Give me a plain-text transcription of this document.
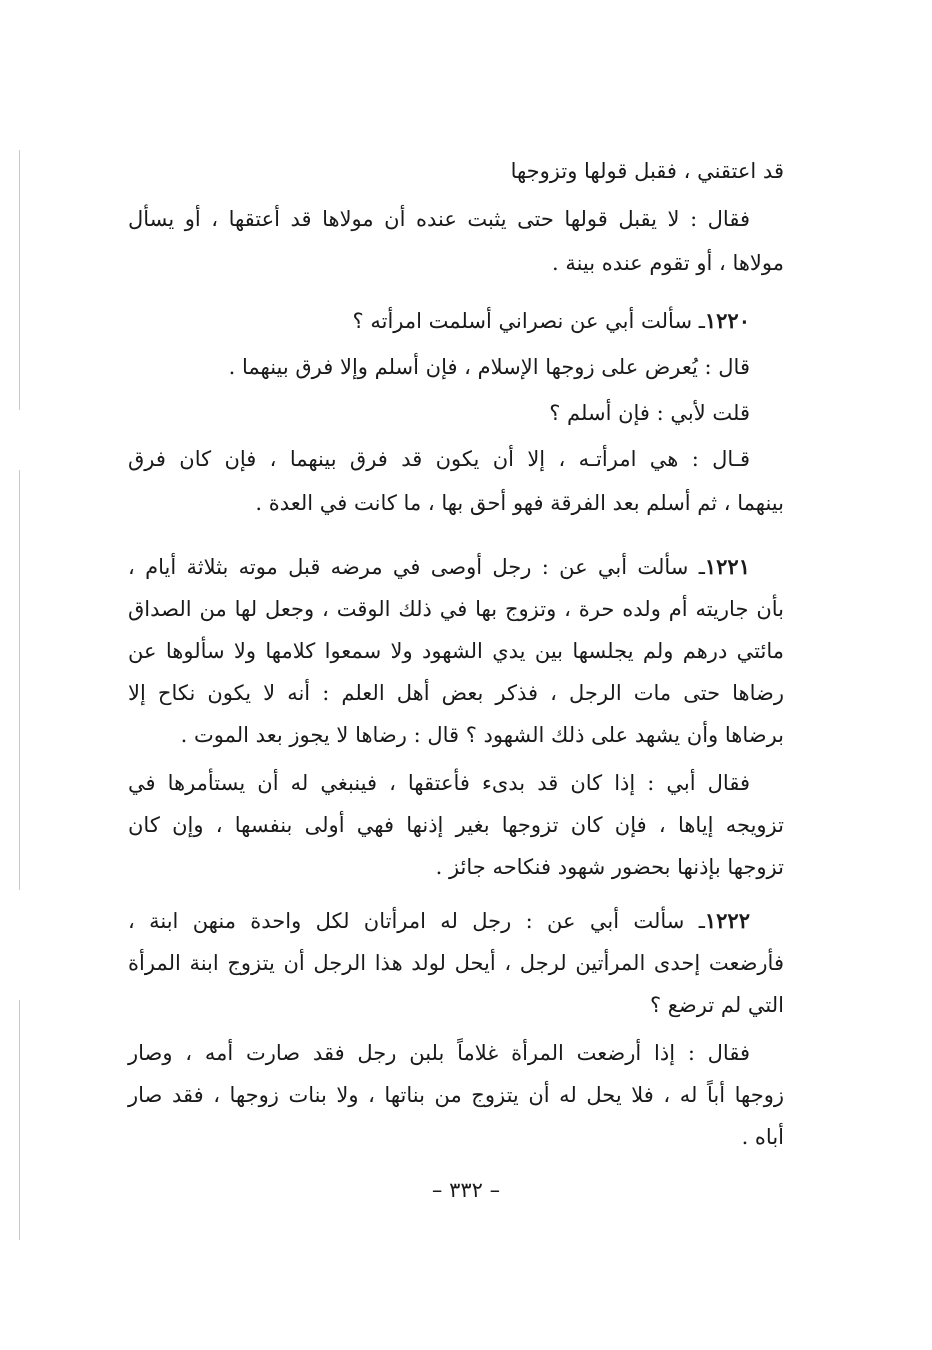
قد اعتقني ، فقبل قولها وتزوجها
فقال : لا يقبل قولها حتى يثبت عنده أن مولاها قد أعتقها ، أو يسأل
مولاها ، أو تقوم عنده بينة .
١٢٢٠ـ سألت أبي عن نصراني أسلمت امرأته ؟
قال : يُعرض على زوجها الإسلام ، فإن أسلم وإلا فرق بينهما .
قلت لأبي : فإن أسلم ؟
قـال : هي امرأتـه ، إلا أن يكون قد فرق بينهما ، فإن كان فرق
بينهما ، ثم أسلم بعد الفرقة فهو أحق بها ، ما كانت في العدة .
١٢٢١ـ سألت أبي عن : رجل أوصى في مرضه قبل موته بثلاثة أيام ،
بأن جاريته أم ولده حرة ، وتزوج بها في ذلك الوقت ، وجعل لها من الصداق
مائتي درهم ولم يجلسها بين يدي الشهود ولا سمعوا كلامها ولا سألوها عن
رضاها حتى مات الرجل ، فذكر بعض أهل العلم : أنه لا يكون نكاح إلا
برضاها وأن يشهد على ذلك الشهود ؟ قال : رضاها لا يجوز بعد الموت .
فقال أبي : إذا كان قد بدىء فأعتقها ، فينبغي له أن يستأمرها في
تزويجه إياها ، فإن كان تزوجها بغير إذنها فهي أولى بنفسها ، وإن كان
تزوجها بإذنها بحضور شهود فنكاحه جائز .
١٢٢٢ـ سألت أبي عن : رجل له امرأتان لكل واحدة منهن ابنة ،
فأرضعت إحدى المرأتين لرجل ، أيحل لولد هذا الرجل أن يتزوج ابنة المرأة
التي لم ترضع ؟
فقال : إذا أرضعت المرأة غلاماً بلبن رجل فقد صارت أمه ، وصار
زوجها أباً له ، فلا يحل له أن يتزوج من بناتها ، ولا بنات زوجها ، فقد صار
أباه .
– ٣٣٢ –
